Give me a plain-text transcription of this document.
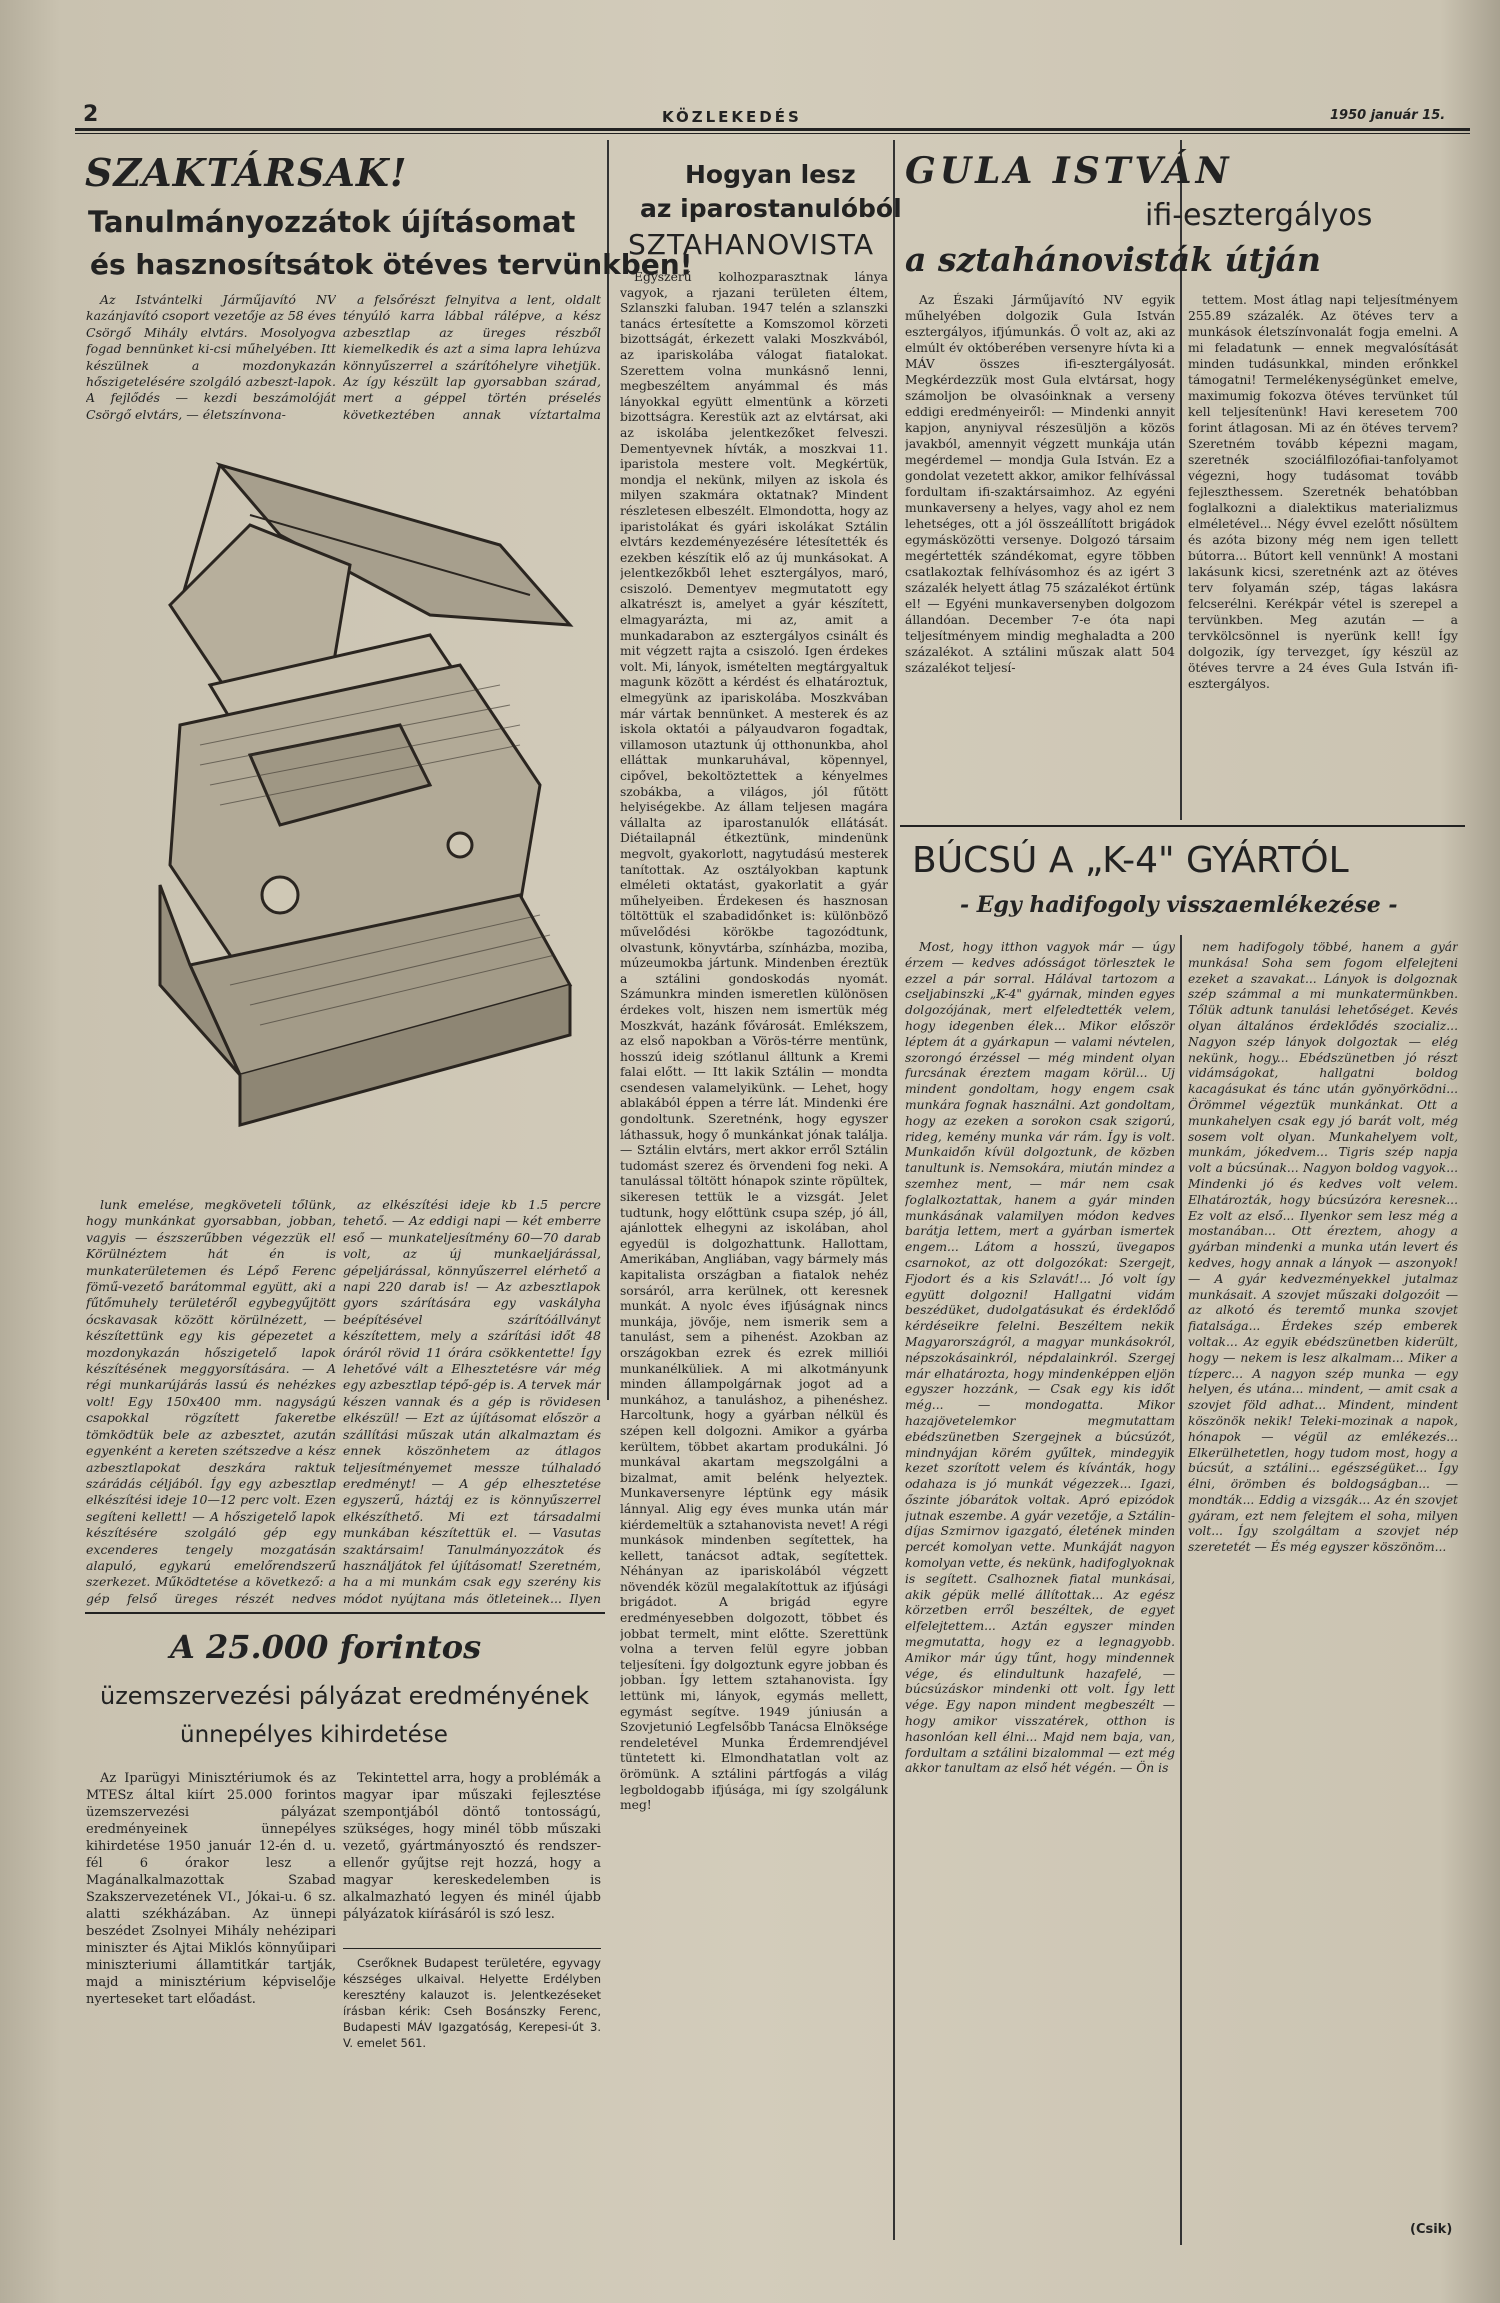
2	KÖZLEKEDÉS	1950 január 15.
SZAKTÁRSAK!
Tanulmányozzátok újításomat
és hasznosítsátok ötéves tervünkben!

Az Istvántelki Járműjavító NV kazánjavító csoport vezetője az 58 éves Csörgő Mihály elvtárs. Mosolyogva fogad bennünket ki-csi műhelyében. Itt készülnek a mozdonykazán hőszigetelésére szolgáló azbeszt-lapok. A fejlődés — kezdi beszámolóját Csörgő elvtárs, — életszínvona-

a felsőrészt felnyitva a lent, oldalt tényúló karra lábbal rálépve, a kész azbesztlap az üreges részből kiemelkedik és azt a sima lapra lehúzva könnyűszerrel a szárítóhelyre vihetjük. Az így készült lap gyorsabban szárad, mert a géppel történ préselés következtében annak víztartalma

lunk emelése, megköveteli tőlünk, hogy munkánkat gyorsabban, jobban, vagyis — észszerűbben végezzük el! Körülnéztem hát én is munkaterületemen és Lépő Ferenc fömű-vezető barátommal együtt, aki a fűtőmuhely területéről egybegyűjtött ócskavasak között körülnézett, — készítettünk egy kis gépezetet a mozdonykazán hőszigetelő lapok készítésének meggyorsítására. — A régi munkarújárás lassú és nehézkes volt! Egy 150x400 mm. nagyságú csapokkal rögzített fakeretbe tömködtük bele az azbesztet, azután egyenként a kereten szétszedve a kész azbesztlapokat deszkára raktuk szárádás céljából. Így egy azbesztlap elkészítési ideje 10—12 perc volt. Ezen segíteni kellett! — A hőszigetelő lapok készítésére szolgáló gép egy excenderes tengely mozgatásán alapuló, egykarú emelőrendszerű szerkezet. Működtetése a következő: a gép felső üreges részét nedves

az elkészítési ideje kb 1.5 percre tehető. — Az eddigi napi — két emberre eső — munkateljesítmény 60—70 darab volt, az új munkaeljárással, gépeljárással, könnyűszerrel elérhető a napi 220 darab is! — Az azbesztlapok gyors szárítására egy vaskályha beépítésével szárítóállványt készítettem, mely a szárítási időt 48 óráról rövid 11 órára csökkentette! Így lehetővé vált a Elhesztetésre vár még egy azbesztlap tépő-gép is. A tervek már készen vannak és a gép is rövidesen elkészül! — Ezt az újításomat először a szállítási műszak után alkalmaztam és ennek köszönhetem az átlagos teljesítményemet messze túlhaladó eredményt! — A gép elhesztetése egyszerű, háztáj ez is könnyűszerrel elkészíthető. Mi ezt társadalmi munkában készítettük el. — Vasutas szaktársaim! Tanulmányozzátok és használjátok fel újításomat! Szeretném, ha a mi munkám csak egy szerény kis módot nyújtana más ötleteinek... Ilyen

A 25.000 forintos
üzemszervezési pályázat eredményének
ünnepélyes kihirdetése

Az Iparügyi Minisztériumok és az MTESz által kiírt 25.000 forintos üzemszervezési pályázat eredményeinek ünnepélyes kihirdetése 1950 január 12-én d. u. fél 6 órakor lesz a Magánalkalmazottak Szabad Szakszervezetének VI., Jókai-u. 6 sz. alatti székházában. Az ünnepi beszédet Zsolnyei Mihály nehézipari miniszter és Ajtai Miklós könnyűipari miniszteriumi államtitkár tartják, majd a minisztérium képviselője nyerteseket tart előadást.

Tekintettel arra, hogy a problémák a magyar ipar műszaki fejlesztése szempontjából döntő tontosságú, szükséges, hogy minél több műszaki vezető, gyártmányosztó és rendszer-ellenőr gyűjtse rejt hozzá, hogy a magyar kereskedelemben is alkalmazható legyen és minél újabb pályázatok kiírásáról is szó lesz.

Cserőknek Budapest területére, egyvagy készséges ulkaival. Helyette Erdélyben keresztény kalauzot is. Jelentkezéseket írásban kérik: Cseh Bosánszky Ferenc, Budapesti MÁV Igazgatóság, Kerepesi-út 3. V. emelet 561.

Hogyan lesz
az iparostanulóból
SZTAHANOVISTA

Egyszerű kolhozparasztnak lánya vagyok, a rjazani területen éltem, Szlanszki faluban. 1947 telén a szlanszki tanács értesítette a Komszomol körzeti bizottságát, érkezett valaki Moszkvából, az ipariskolába válogat fiatalokat. Szerettem volna munkásnő lenni, megbeszéltem anyámmal és más lányokkal együtt elmentünk a körzeti bizottságra. Kerestük azt az elvtársat, aki az iskolába jelentkezőket felveszi. Dementyevnek hívták, a moszkvai 11. iparistola mestere volt. Megkértük, mondja el nekünk, milyen az iskola és milyen szakmára oktatnak? Mindent részletesen elbeszélt. Elmondotta, hogy az iparistolákat és gyári iskolákat Sztálin elvtárs kezdeményezésére létesítették és ezekben készítik elő az új munkásokat. A jelentkezőkből lehet esztergályos, maró, csiszoló. Dementyev megmutatott egy alkatrészt is, amelyet a gyár készített, elmagyarázta, mi az, amit a munkadarabon az esztergályos csinált és mit végzett rajta a csiszoló. Igen érdekes volt. Mi, lányok, ismételten megtárgyaltuk magunk között a kérdést és elhatároztuk, elmegyünk az ipariskolába. Moszkvában már vártak bennünket. A mesterek és az iskola oktatói a pályaudvaron fogadtak, villamoson utaztunk új otthonunkba, ahol elláttak munkaruhával, köpennyel, cipővel, bekoltöztettek a kényelmes szobákba, a világos, jól fűtött helyiségekbe. Az állam teljesen magára vállalta az iparostanulók ellátását. Diétailapnál étkeztünk, mindenünk megvolt, gyakorlott, nagytudású mesterek tanítottak. Az osztályokban kaptunk elméleti oktatást, gyakorlatit a gyár műhelyeiben. Érdekesen és hasznosan töltöttük el szabadidőnket is: különböző művelődési körökbe tagozódtunk, olvastunk, könyvtárba, színházba, moziba, múzeumokba jártunk. Mindenben éreztük a sztálini gondoskodás nyomát. Számunkra minden ismeretlen különösen érdekes volt, hiszen nem ismertük még Moszkvát, hazánk fővárosát. Emlékszem, az első napokban a Vörös-térre mentünk, hosszú ideig szótlanul álltunk a Kremi falai előtt. — Itt lakik Sztálin — mondta csendesen valamelyikünk. — Lehet, hogy ablakából éppen a térre lát. Mindenki ére gondoltunk. Szeretnénk, hogy egyszer láthassuk, hogy ő munkánkat jónak találja. — Sztálin elvtárs, mert akkor erről Sztálin tudomást szerez és örvendeni fog neki. A tanulással töltött hónapok szinte röpültek, sikeresen tettük le a vizsgát. Jelet tudtunk, hogy előttünk csupa szép, jó áll, ajánlottek elhegyni az iskolában, ahol egyedül is dolgozhattunk. Hallottam, Amerikában, Angliában, vagy bármely más kapitalista országban a fiatalok nehéz sorsáról, arra kerülnek, ott keresnek munkát. A nyolc éves ifjúságnak nincs munkája, jövője, nem ismerik sem a tanulást, sem a pihenést. Azokban az országokban ezrek és ezrek milliói munkanélküliek. A mi alkotmányunk minden állampolgárnak jogot ad a munkához, a tanuláshoz, a pihenéshez. Harcoltunk, hogy a gyárban nélkül és szépen kell dolgozni. Amikor a gyárba kerültem, többet akartam produkálni. Jó munkával akartam megszolgálni a bizalmat, amit belénk helyeztek. Munkaversenyre léptünk egy másik lánnyal. Alig egy éves munka után már kiérdemeltük a sztahanovista nevet! A régi munkások mindenben segítettek, ha kellett, tanácsot adtak, segítettek. Néhányan az ipariskolából végzett növendék közül megalakítottuk az ifjúsági brigádot. A brigád egyre eredményesebben dolgozott, többet és jobbat termelt, mint előtte. Szerettünk volna a terven felül egyre jobban teljesíteni. Így dolgoztunk egyre jobban és jobban. Így lettem sztahanovista. Így lettünk mi, lányok, egymás mellett, egymást segítve. 1949 júniusán a Szovjetunió Legfelsőbb Tanácsa Elnöksége rendeletével Munka Érdemrendjével tüntetett ki. Elmondhatatlan volt az örömünk. A sztálini pártfogás a világ legboldogabb ifjúsága, mi így szolgálunk meg!

GULA ISTVÁN
ifi-esztergályos
a sztahánovisták útján

Az Északi Járműjavító NV egyik műhelyében dolgozik Gula István esztergályos, ifjúmunkás. Ő volt az, aki az elmúlt év októberében versenyre hívta ki a MÁV összes ifi-esztergályosát. Megkérdezzük most Gula elvtársat, hogy számoljon be olvasóinknak a verseny eddigi eredményeiről: — Mindenki annyit kapjon, anyniyval részesüljön a közös javakból, amennyit végzett munkája után megérdemel — mondja Gula István. Ez a gondolat vezetett akkor, amikor felhívással fordultam ifi-szaktársaimhoz. Az egyéni munkaverseny a helyes, vagy ahol ez nem lehetséges, ott a jól összeállított brigádok egymásközötti versenye. Dolgozó társaim megértették szándékomat, egyre többen csatlakoztak felhívásomhoz és az igért 3 százalék helyett átlag 75 százalékot értünk el! — Egyéni munkaversenyben dolgozom állandóan. December 7-e óta napi teljesítményem mindig meghaladta a 200 százalékot. A sztálini műszak alatt 504 százalékot teljesí-

tettem. Most átlag napi teljesítményem 255.89 százalék. Az ötéves terv a munkások életszínvonalát fogja emelni. A mi feladatunk — ennek megvalósítását minden tudásunkkal, minden erőnkkel támogatni! Termelékenységünket emelve, maximumig fokozva ötéves tervünket túl kell teljesítenünk! Havi keresetem 700 forint átlagosan. Mi az én ötéves tervem? Szeretném tovább képezni magam, szeretnék szociálfilozófiai-tanfolyamot végezni, hogy tudásomat tovább fejleszthessem. Szeretnék behatóbban foglalkozni a dialektikus materializmus elméletével... Négy évvel ezelőtt nősültem és azóta bizony még nem igen tellett bútorra... Bútort kell vennünk! A mostani lakásunk kicsi, szeretnénk azt az ötéves terv folyamán szép, tágas lakásra felcserélni. Kerékpár vétel is szerepel a tervünkben. Meg azután — a tervkölcsönnel is nyerünk kell! Így dolgozik, így tervezget, így készül az ötéves tervre a 24 éves Gula István ifi-esztergályos.

BÚCSÚ A „K-4" GYÁRTÓL
- Egy hadifogoly visszaemlékezése -

Most, hogy itthon vagyok már — úgy érzem — kedves adósságot törlesztek le ezzel a pár sorral. Hálával tartozom a cseljabinszki „K-4" gyárnak, minden egyes dolgozójának, mert elfeledtették velem, hogy idegenben élek... Mikor először léptem át a gyárkapun — valami névtelen, szorongó érzéssel — még mindent olyan furcsának éreztem magam körül... Uj mindent gondoltam, hogy engem csak munkára fognak használni. Azt gondoltam, hogy az ezeken a sorokon csak szigorú, rideg, kemény munka vár rám. Így is volt. Munkaidőn kívül dolgoztunk, de közben tanultunk is. Nemsokára, miután mindez a szemhez ment, — már nem csak foglalkoztattak, hanem a gyár minden munkásának valamilyen módon kedves barátja lettem, mert a gyárban ismertek engem... Látom a hosszú, üvegapos csarnokot, az ott dolgozókat: Szergejt, Fjodort és a kis Szlavát!... Jó volt így együtt dolgozni! Hallgatni vidám beszédüket, dudolgatásukat és érdeklődő kérdéseikre felelni. Beszéltem nekik Magyarországról, a magyar munkásokról, népszokásainkról, népdalainkról. Szergej már elhatározta, hogy mindenképpen eljön egyszer hozzánk, — Csak egy kis időt még... — mondogatta. Mikor hazajövetelemkor megmutattam ebédszünetben Szergejnek a búcsúzót, mindnyájan körém gyűltek, mindegyik kezet szorított velem és kívánták, hogy odahaza is jó munkát végezzek... Igazi, őszinte jóbarátok voltak. Apró epizódok jutnak eszembe. A gyár vezetője, a Sztálin-díjas Szmirnov igazgató, életének minden percét komolyan vette. Munkáját nagyon komolyan vette, és nekünk, hadifoglyoknak is segített. Csalhoznek fiatal munkásai, akik gépük mellé állítottak... Az egész körzetben erről beszéltek, de egyet elfelejtettem... Aztán egyszer minden megmutatta, hogy ez a legnagyobb. Amikor már úgy tűnt, hogy mindennek vége, és elindultunk hazafelé, — búcsúzáskor mindenki ott volt. Így lett vége. Egy napon mindent megbeszélt — hogy amikor visszatérek, otthon is hasonlóan kell élni... Majd nem baja, van, fordultam a sztálini bizalommal — ezt még akkor tanultam az első hét végén. — Ön is

nem hadifogoly többé, hanem a gyár munkása! Soha sem fogom elfelejteni ezeket a szavakat... Lányok is dolgoznak szép számmal a mi munkatermünkben. Tőlük adtunk tanulási lehetőséget. Kevés olyan általános érdeklődés szocializ... Nagyon szép lányok dolgoztak — elég nekünk, hogy... Ebédszünetben jó részt vidámságokat, hallgatni boldog kacagásukat és tánc után gyönyörködni... Örömmel végeztük munkánkat. Ott a munkahelyen csak egy jó barát volt, még sosem volt olyan. Munkahelyem volt, munkám, jókedvem... Tigris szép napja volt a búcsúnak... Nagyon boldog vagyok... Mindenki jó és kedves volt velem. Elhatározták, hogy búcsúzóra keresnek... Ez volt az első... Ilyenkor sem lesz még a mostanában... Ott éreztem, ahogy a gyárban mindenki a munka után levert és kedves, hogy annak a lányok — aszonyok! — A gyár kedvezményekkel jutalmaz munkásait. A szovjet műszaki dolgozóit — az alkotó és teremtő munka szovjet fiatalsága... Érdekes szép emberek voltak... Az egyik ebédszünetben kiderült, hogy — nekem is lesz alkalmam... Miker a tízperc... A nagyon szép munka — egy helyen, és utána... mindent, — amit csak a szovjet föld adhat... Mindent, mindent köszönök nekik! Teleki-mozinak a napok, hónapok — végül az emlékezés... Elkerülhetetlen, hogy tudom most, hogy a búcsút, a sztálini... egészségüket... Így élni, örömben és boldogságban... — mondták... Eddig a vizsgák... Az én szovjet gyáram, ezt nem felejtem el soha, milyen volt... Így szolgáltam a szovjet nép szeretetét — És még egyszer köszönöm...

(Csik)
